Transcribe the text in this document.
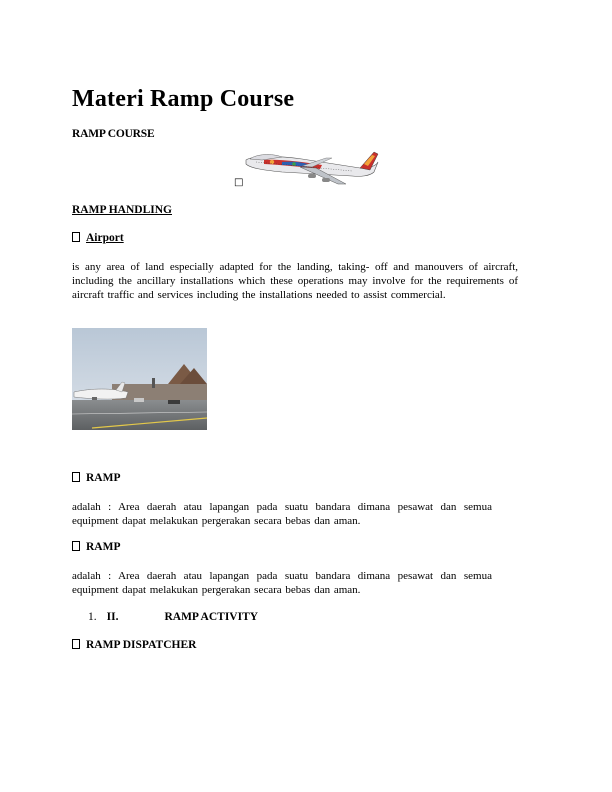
Materi Ramp Course
RAMP COURSE
□
RAMP HANDLING
Airport
is any area of land especially adapted for the landing, taking- off and manouvers of aircraft, including the ancillary installations which these operations may involve for the requirements of aircraft traffic and services including the installations needed to assist commercial.
RAMP
adalah : Area daerah atau lapangan pada suatu bandara dimana pesawat dan semua equipment dapat melakukan pergerakan secara bebas dan aman.
RAMP
adalah : Area daerah atau lapangan pada suatu bandara dimana pesawat dan semua equipment dapat melakukan pergerakan secara bebas dan aman.
1. II.	RAMP ACTIVITY
RAMP DISPATCHER
